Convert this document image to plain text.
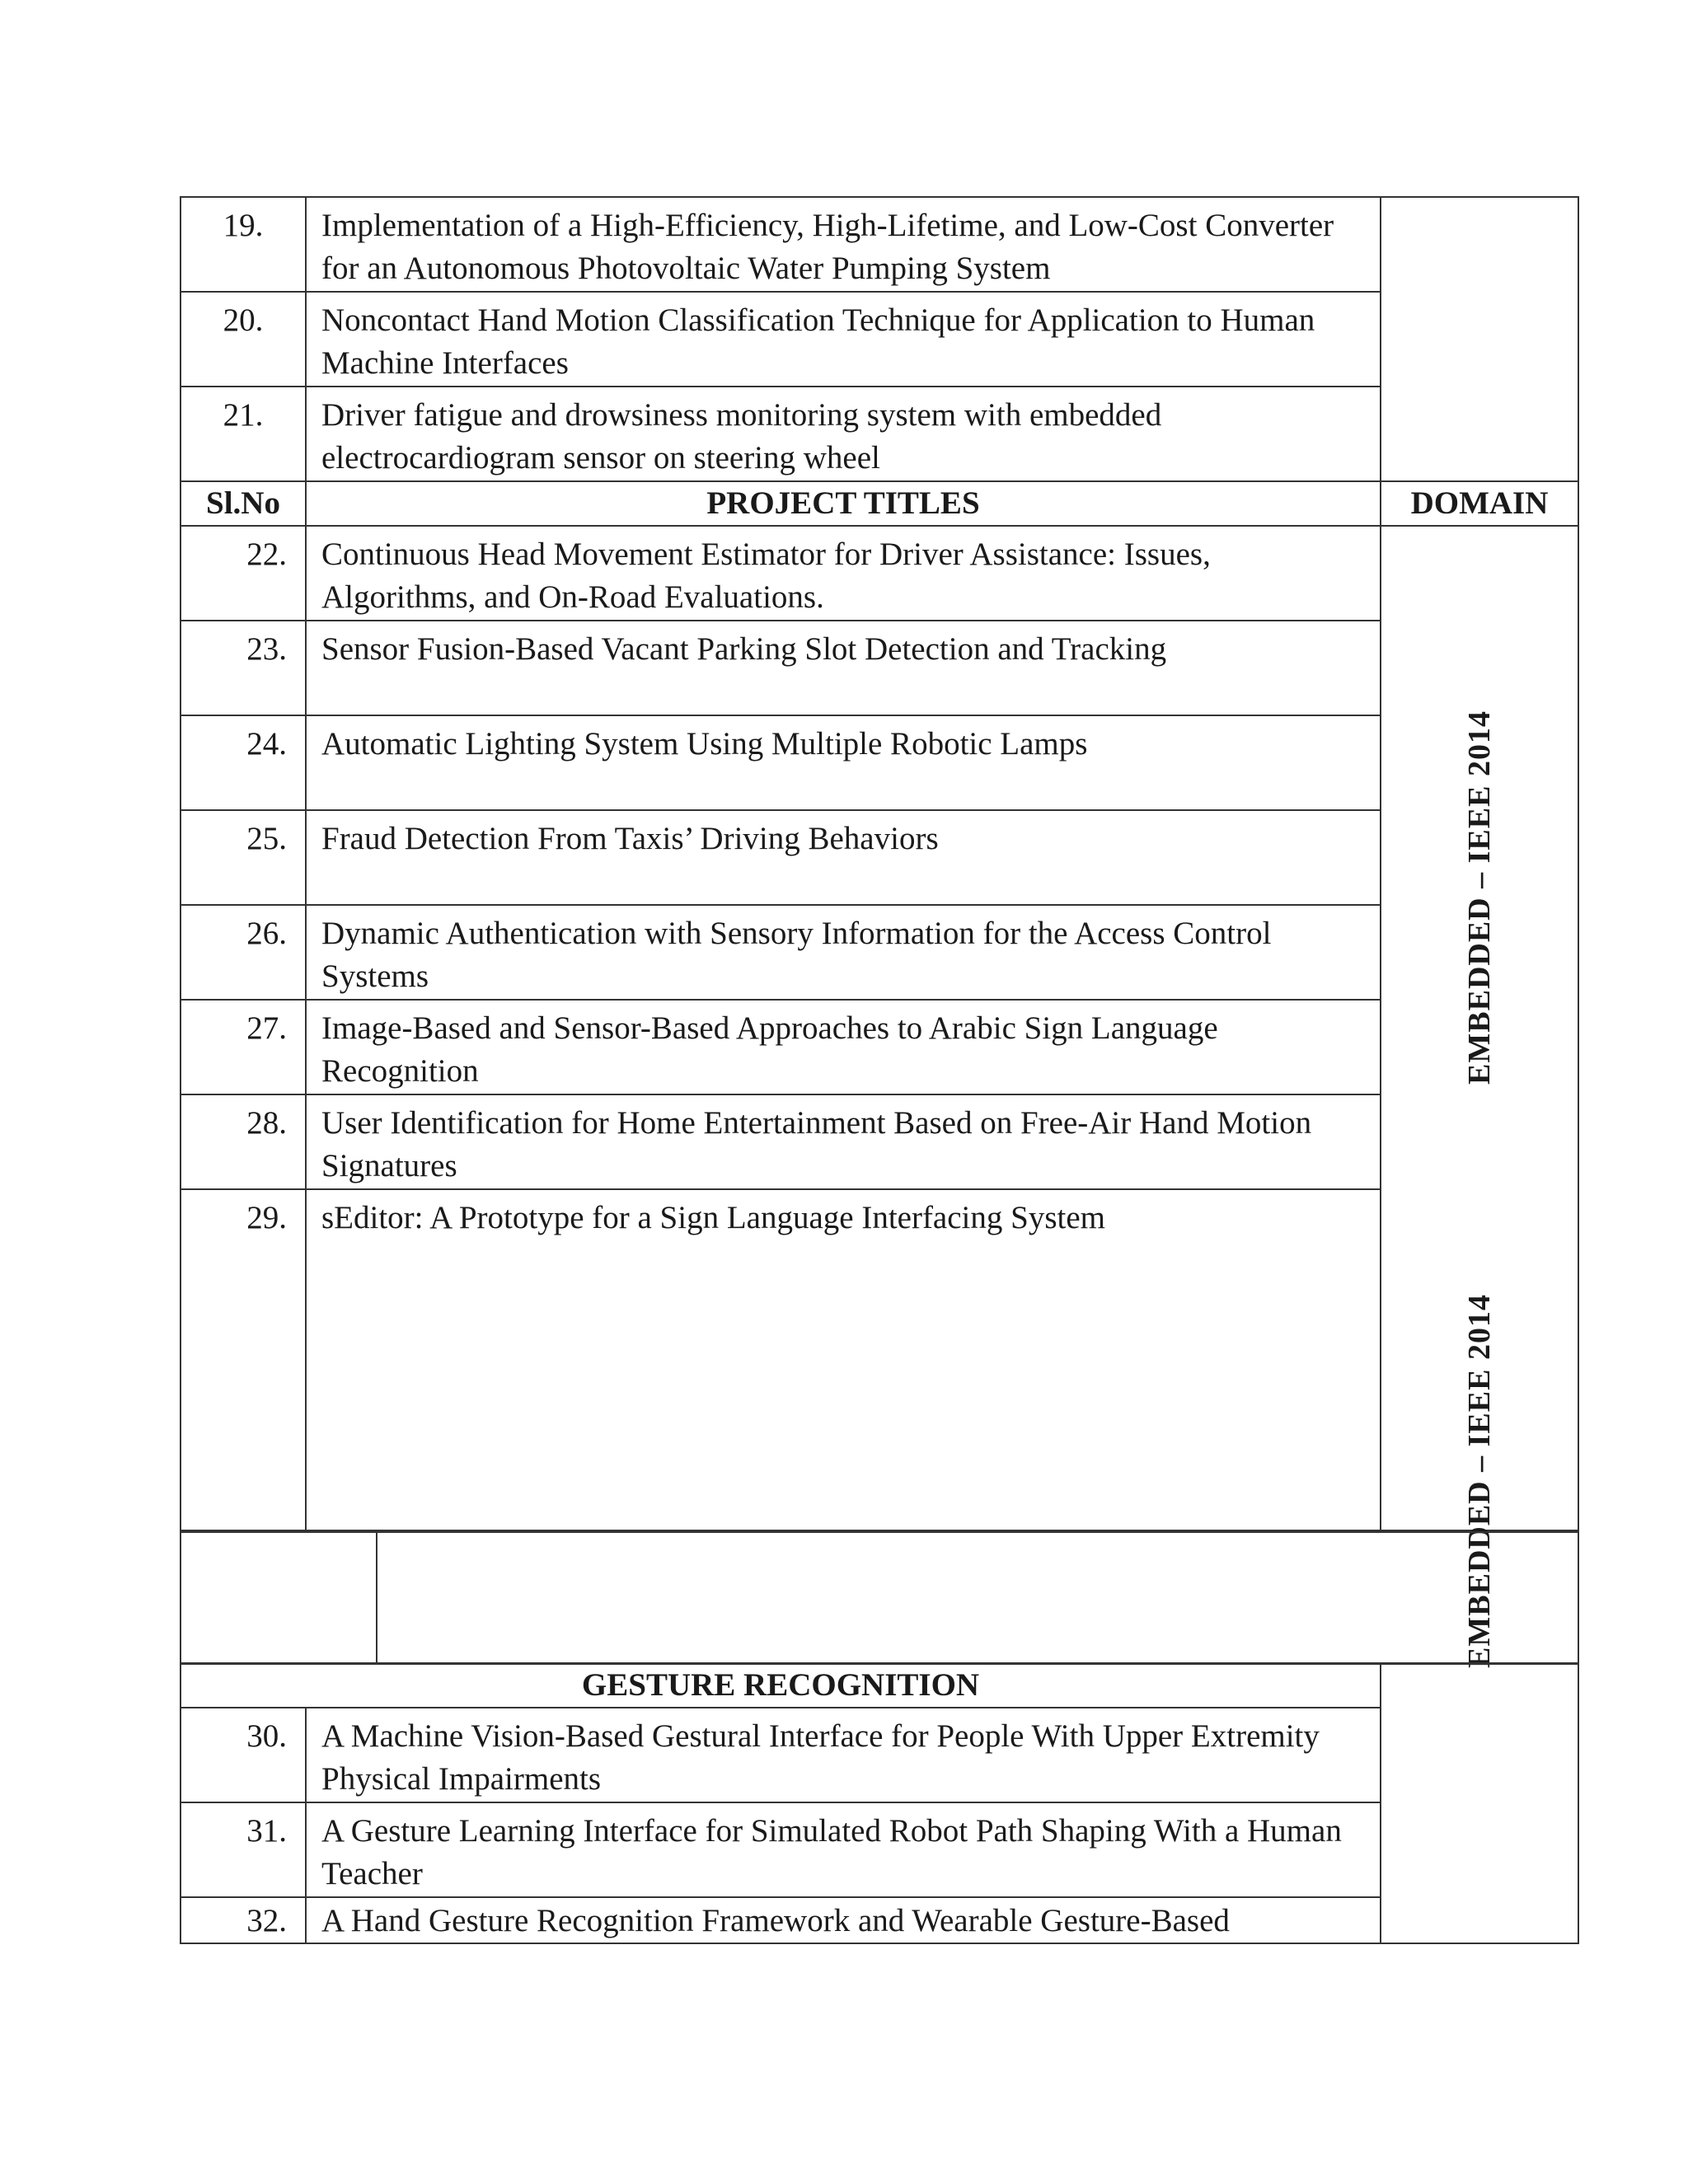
19.	Implementation of a High-Efficiency, High-Lifetime, and Low-Cost Converter for an Autonomous Photovoltaic Water Pumping System	
20.	Noncontact Hand Motion Classification Technique for Application to Human Machine Interfaces	
21.	Driver fatigue and drowsiness monitoring system with embedded electrocardiogram sensor on steering wheel	
Sl.No	PROJECT TITLES	DOMAIN
22.	Continuous Head Movement Estimator for Driver Assistance: Issues, Algorithms, and On-Road Evaluations.	EMBEDDED – IEEE 2014
EMBEDDED – IEEE 2014

23.	Sensor Fusion-Based Vacant Parking Slot Detection and Tracking	
24.	Automatic Lighting System Using Multiple Robotic Lamps	
25.	Fraud Detection From Taxis’ Driving Behaviors	
26.	Dynamic Authentication with Sensory Information for the Access Control Systems	
27.	Image-Based and Sensor-Based Approaches to Arabic Sign Language Recognition	
28.	User Identification for Home Entertainment Based on Free-Air Hand Motion Signatures	
29.	sEditor: A Prototype for a Sign Language Interfacing System	
GESTURE RECOGNITION		
30.	A Machine Vision-Based Gestural Interface for People With Upper Extremity Physical Impairments	
31.	A Gesture Learning Interface for Simulated Robot Path Shaping With a Human Teacher	
32.	A Hand Gesture Recognition Framework and Wearable Gesture-Based	
